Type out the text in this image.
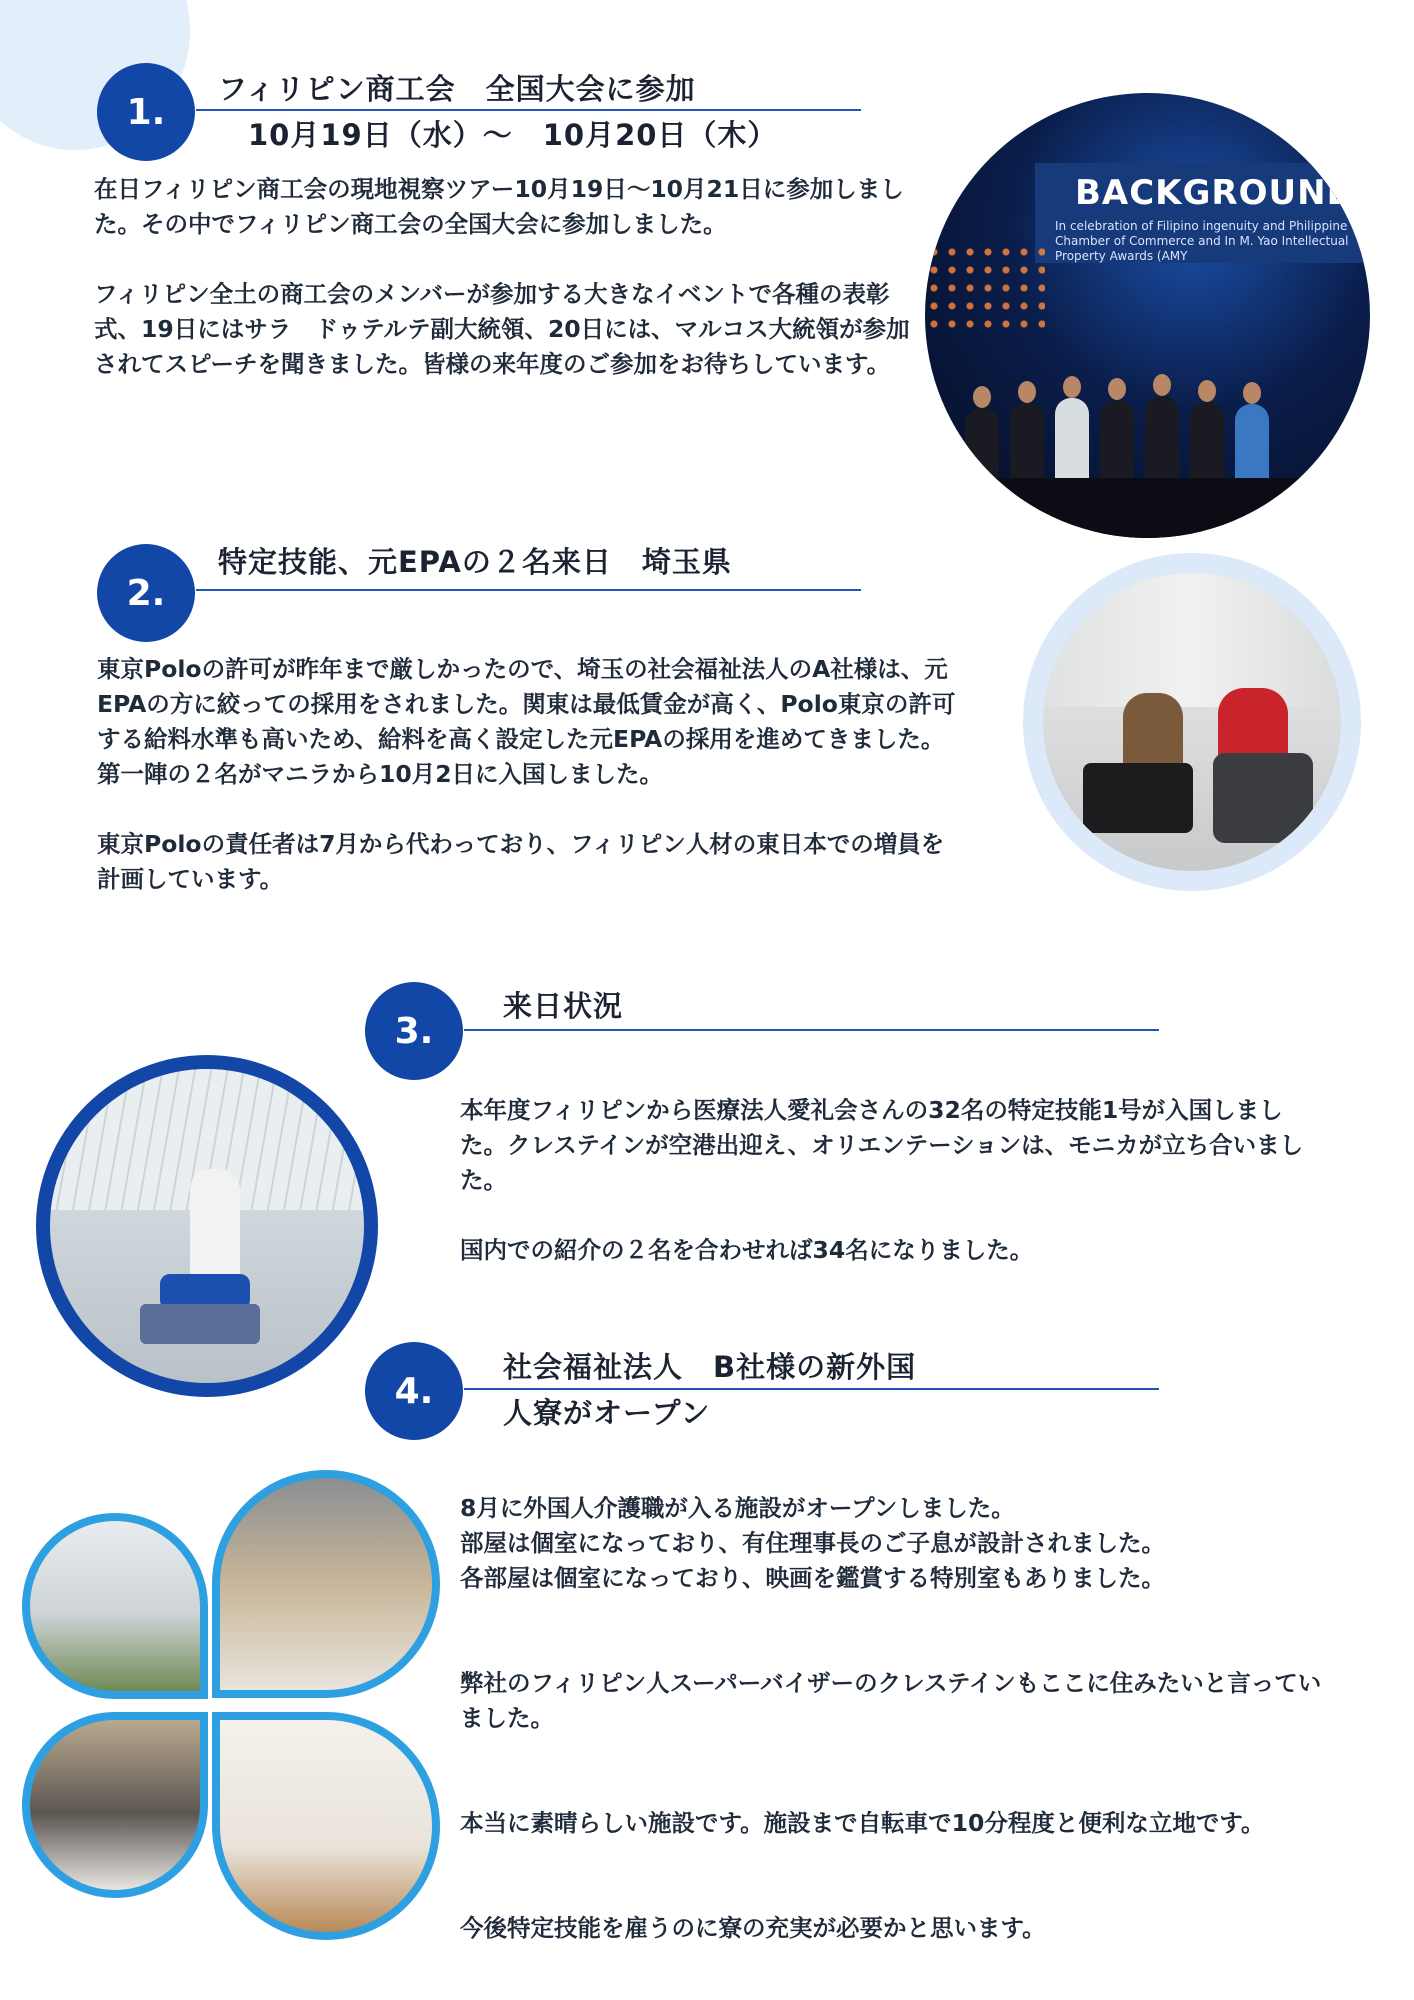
1.
フィリピン商工会　全国大会に参加
10月19日（水）～　10月20日（木）

在日フィリピン商工会の現地視察ツアー10月19日～10月21日に参加しました。その中でフィリピン商工会の全国大会に参加しました。

フィリピン全土の商工会のメンバーが参加する大きなイベントで各種の表彰式、19日にはサラ　ドゥテルテ副大統領、20日には、マルコス大統領が参加されてスピーチを聞きました。皆様の来年度のご参加をお待ちしています。

BACKGROUND
In celebration of Filipino ingenuity and Philippine Chamber of Commerce and In M. Yao Intellectual Property Awards (AMY
2.
特定技能、元EPAの２名来日　埼玉県

東京Poloの許可が昨年まで厳しかったので、埼玉の社会福祉法人のA社様は、元EPAの方に絞っての採用をされました。関東は最低賃金が高く、Polo東京の許可する給料水準も高いため、給料を高く設定した元EPAの採用を進めてきました。第一陣の２名がマニラから10月2日に入国しました。

東京Poloの責任者は7月から代わっており、フィリピン人材の東日本での増員を計画しています。

3.
来日状況

本年度フィリピンから医療法人愛礼会さんの32名の特定技能1号が入国しました。クレステインが空港出迎え、オリエンテーションは、モニカが立ち合いました。

国内での紹介の２名を合わせれば34名になりました。

4.
社会福祉法人　B社様の新外国
人寮がオープン

8月に外国人介護職が入る施設がオープンしました。
部屋は個室になっており、有住理事長のご子息が設計されました。
各部屋は個室になっており、映画を鑑賞する特別室もありました。

弊社のフィリピン人スーパーバイザーのクレステインもここに住みたいと言っていました。

本当に素晴らしい施設です。施設まで自転車で10分程度と便利な立地です。

今後特定技能を雇うのに寮の充実が必要かと思います。
